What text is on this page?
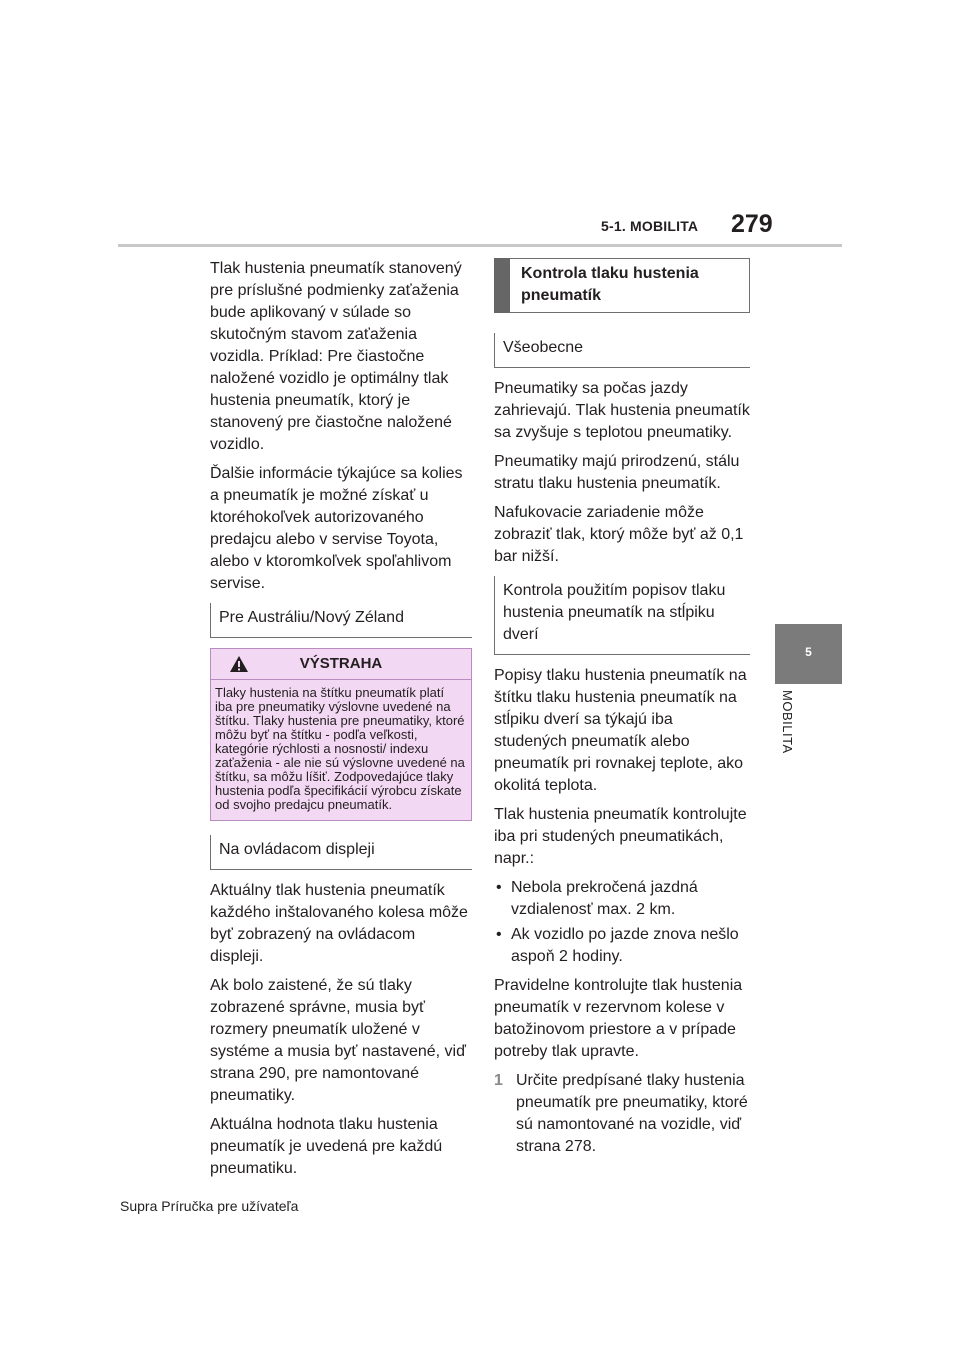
5-1. MOBILITA 279
5
MOBILITA

Tlak hustenia pneumatík stanovený pre príslušné podmienky zaťaženia bude aplikovaný v súlade so skutočným stavom zaťaženia vozidla. Príklad: Pre čiastočne naložené vozidlo je optimálny tlak hustenia pneumatík, ktorý je stanovený pre čiastočne naložené vozidlo.

Ďalšie informácie týkajúce sa kolies a pneumatík je možné získať u ktoréhokoľvek autorizovaného predajcu alebo v servise Toyota, alebo v ktoromkoľvek spoľahlivom servise.

Pre Austráliu/Nový Zéland
VÝSTRAHA
Tlaky hustenia na štítku pneumatík platí iba pre pneumatiky výslovne uvedené na štítku. Tlaky hustenia pre pneumatiky, ktoré môžu byť na štítku - podľa veľkosti, kategórie rýchlosti a nosnosti/ indexu zaťaženia - ale nie sú výslovne uvedené na štítku, sa môžu líšiť. Zodpovedajúce tlaky hustenia podľa špecifikácií výrobcu získate od svojho predajcu pneumatík.
Na ovládacom displeji

Aktuálny tlak hustenia pneumatík každého inštalovaného kolesa môže byť zobrazený na ovládacom displeji.

Ak bolo zaistené, že sú tlaky zobrazené správne, musia byť rozmery pneumatík uložené v systéme a musia byť nastavené, viď strana 290, pre namontované pneumatiky.

Aktuálna hodnota tlaku hustenia pneumatík je uvedená pre každú pneumatiku.

Kontrola tlaku hustenia pneumatík
Všeobecne

Pneumatiky sa počas jazdy zahrievajú. Tlak hustenia pneumatík sa zvyšuje s teplotou pneumatiky.

Pneumatiky majú prirodzenú, stálu stratu tlaku hustenia pneumatík.

Nafukovacie zariadenie môže zobraziť tlak, ktorý môže byť až 0,1 bar nižší.

Kontrola použitím popisov tlaku hustenia pneumatík na stĺpiku dverí

Popisy tlaku hustenia pneumatík na štítku tlaku hustenia pneumatík na stĺpiku dverí sa týkajú iba studených pneumatík alebo pneumatík pri rovnakej teplote, ako okolitá teplota.

Tlak hustenia pneumatík kontrolujte iba pri studených pneumatikách, napr.:

• Nebola prekročená jazdná vzdialenosť max. 2 km.
• Ak vozidlo po jazde znova nešlo aspoň 2 hodiny.

Pravidelne kontrolujte tlak hustenia pneumatík v rezervnom kolese v batožinovom priestore a v prípade potreby tlak upravte.

1 Určite predpísané tlaky hustenia pneumatík pre pneumatiky, ktoré sú namontované na vozidle, viď strana 278.
Supra Príručka pre užívateľa
